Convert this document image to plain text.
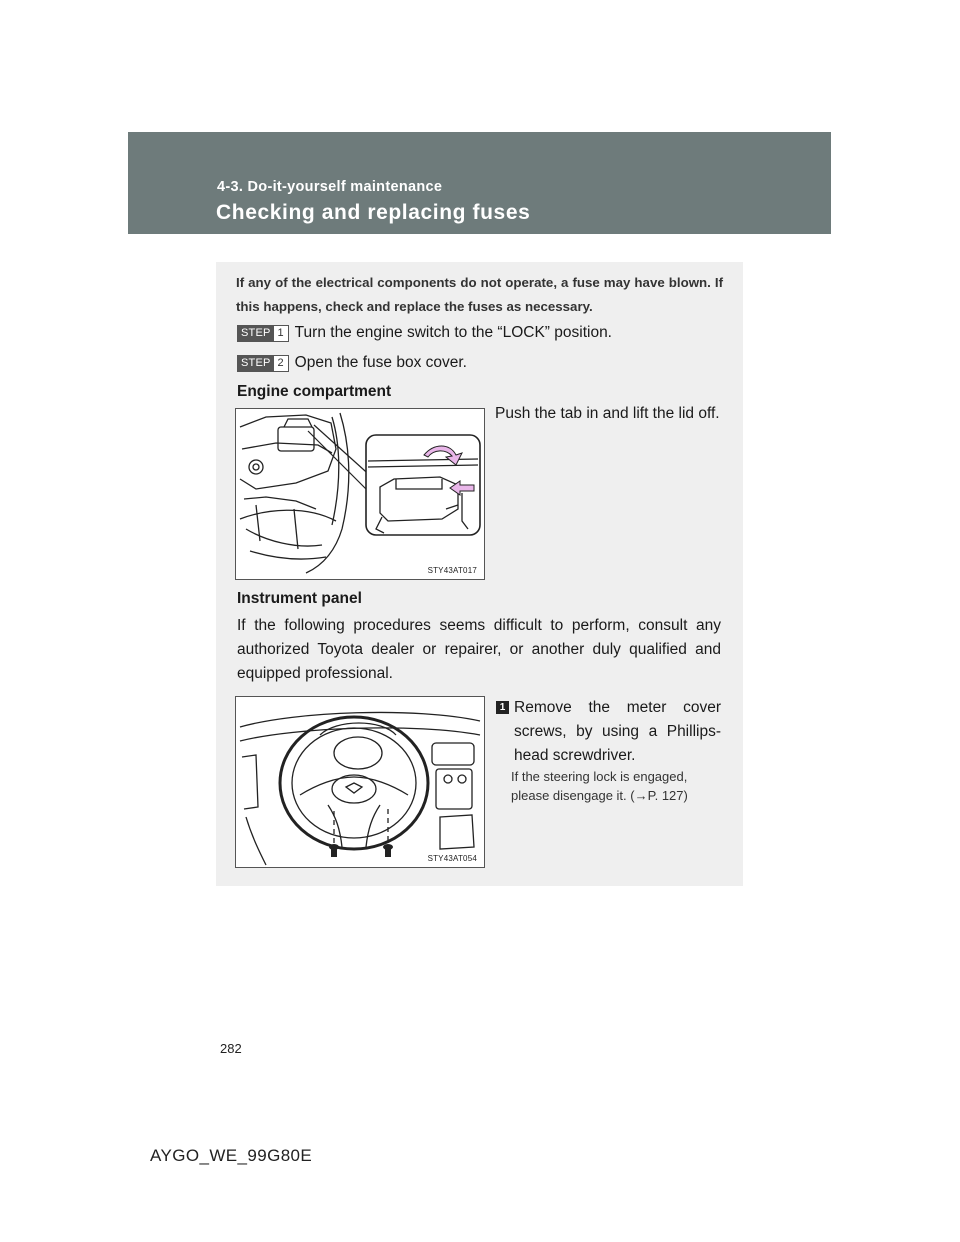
4-3. Do-it-yourself maintenance
Checking and replacing fuses
If any of the electrical components do not operate, a fuse may have blown. If this happens, check and replace the fuses as necessary.
STEP 1 Turn the engine switch to the “LOCK” position.
STEP 2 Open the fuse box cover.
Engine compartment
STY43AT017
Push the tab in and lift the lid off.
Instrument panel
If the following procedures seems difficult to perform, consult any authorized Toyota dealer or repairer, or another duly qualified and equipped professional.
STY43AT054
1 Remove the meter cover screws, by using a Phillips-head screwdriver.
If the steering lock is engaged, please disengage it. (→P. 127)
282
AYGO_WE_99G80E
